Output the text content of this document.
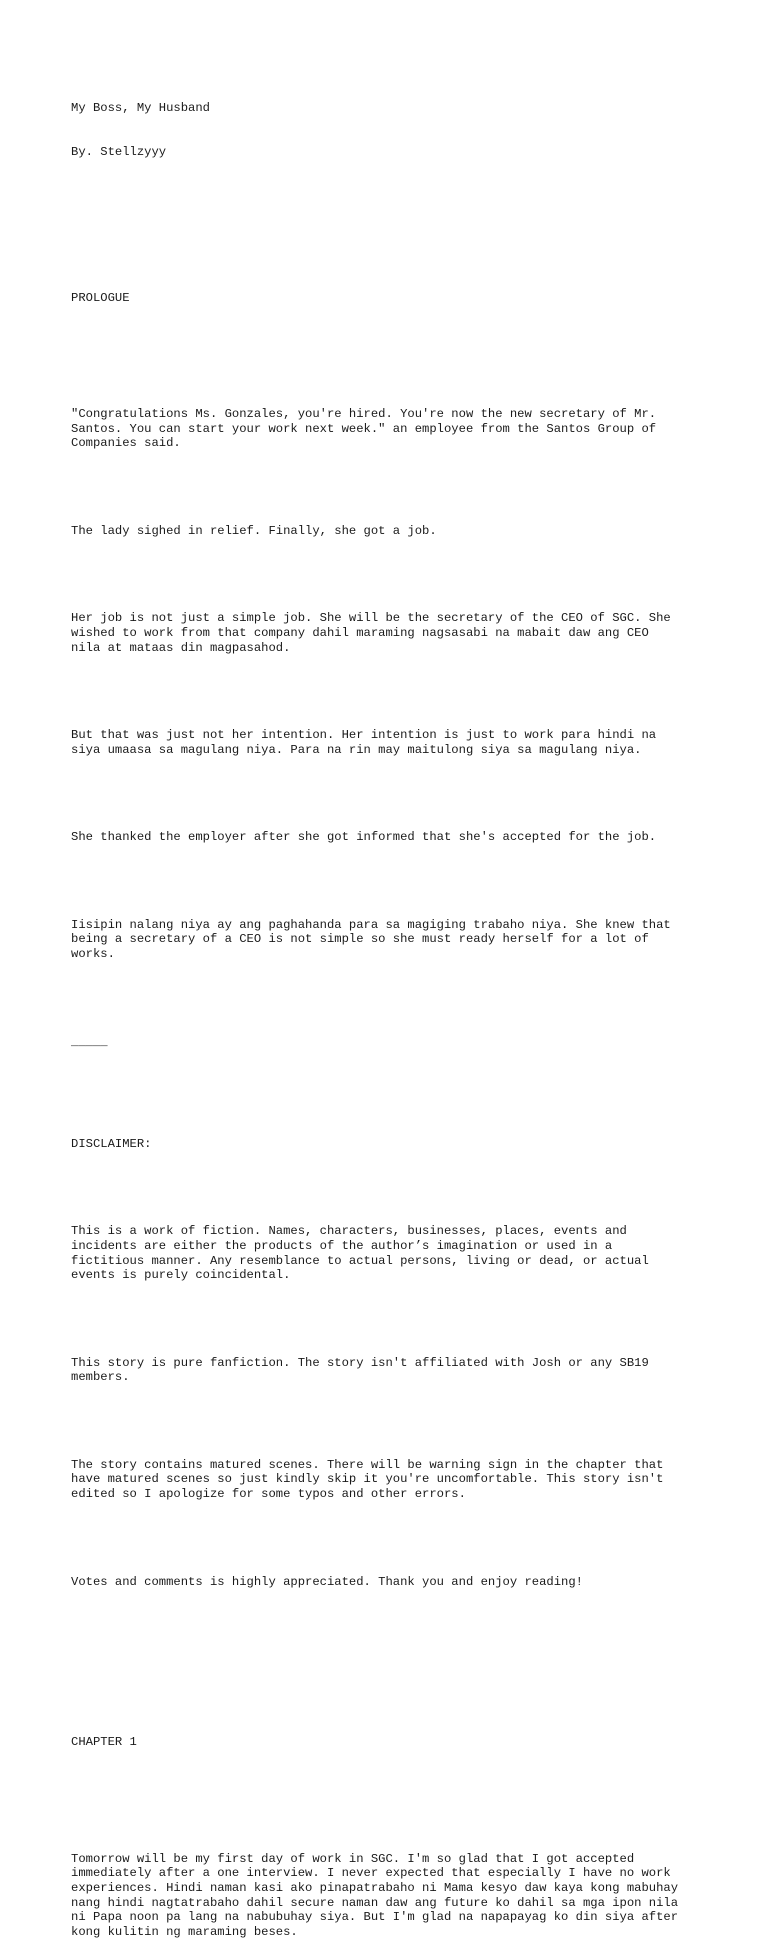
My Boss, My Husband

By. Stellzyyy

PROLOGUE

"Congratulations Ms. Gonzales, you're hired. You're now the new secretary of Mr.
Santos. You can start your work next week." an employee from the Santos Group of
Companies said.

The lady sighed in relief. Finally, she got a job.

Her job is not just a simple job. She will be the secretary of the CEO of SGC. She
wished to work from that company dahil maraming nagsasabi na mabait daw ang CEO
nila at mataas din magpasahod.

But that was just not her intention. Her intention is just to work para hindi na
siya umaasa sa magulang niya. Para na rin may maitulong siya sa magulang niya.

She thanked the employer after she got informed that she's accepted for the job.

Iisipin nalang niya ay ang paghahanda para sa magiging trabaho niya. She knew that
being a secretary of a CEO is not simple so she must ready herself for a lot of
works.

_____

DISCLAIMER:

This is a work of fiction. Names, characters, businesses, places, events and
incidents are either the products of the author’s imagination or used in a
fictitious manner. Any resemblance to actual persons, living or dead, or actual
events is purely coincidental.

This story is pure fanfiction. The story isn't affiliated with Josh or any SB19
members.

The story contains matured scenes. There will be warning sign in the chapter that
have matured scenes so just kindly skip it you're uncomfortable. This story isn't
edited so I apologize for some typos and other errors.

Votes and comments is highly appreciated. Thank you and enjoy reading!

CHAPTER 1

Tomorrow will be my first day of work in SGC. I'm so glad that I got accepted
immediately after a one interview. I never expected that especially I have no work
experiences. Hindi naman kasi ako pinapatrabaho ni Mama kesyo daw kaya kong mabuhay
nang hindi nagtatrabaho dahil secure naman daw ang future ko dahil sa mga ipon nila
ni Papa noon pa lang na nabubuhay siya. But I'm glad na napapayag ko din siya after
kong kulitin ng maraming beses.
